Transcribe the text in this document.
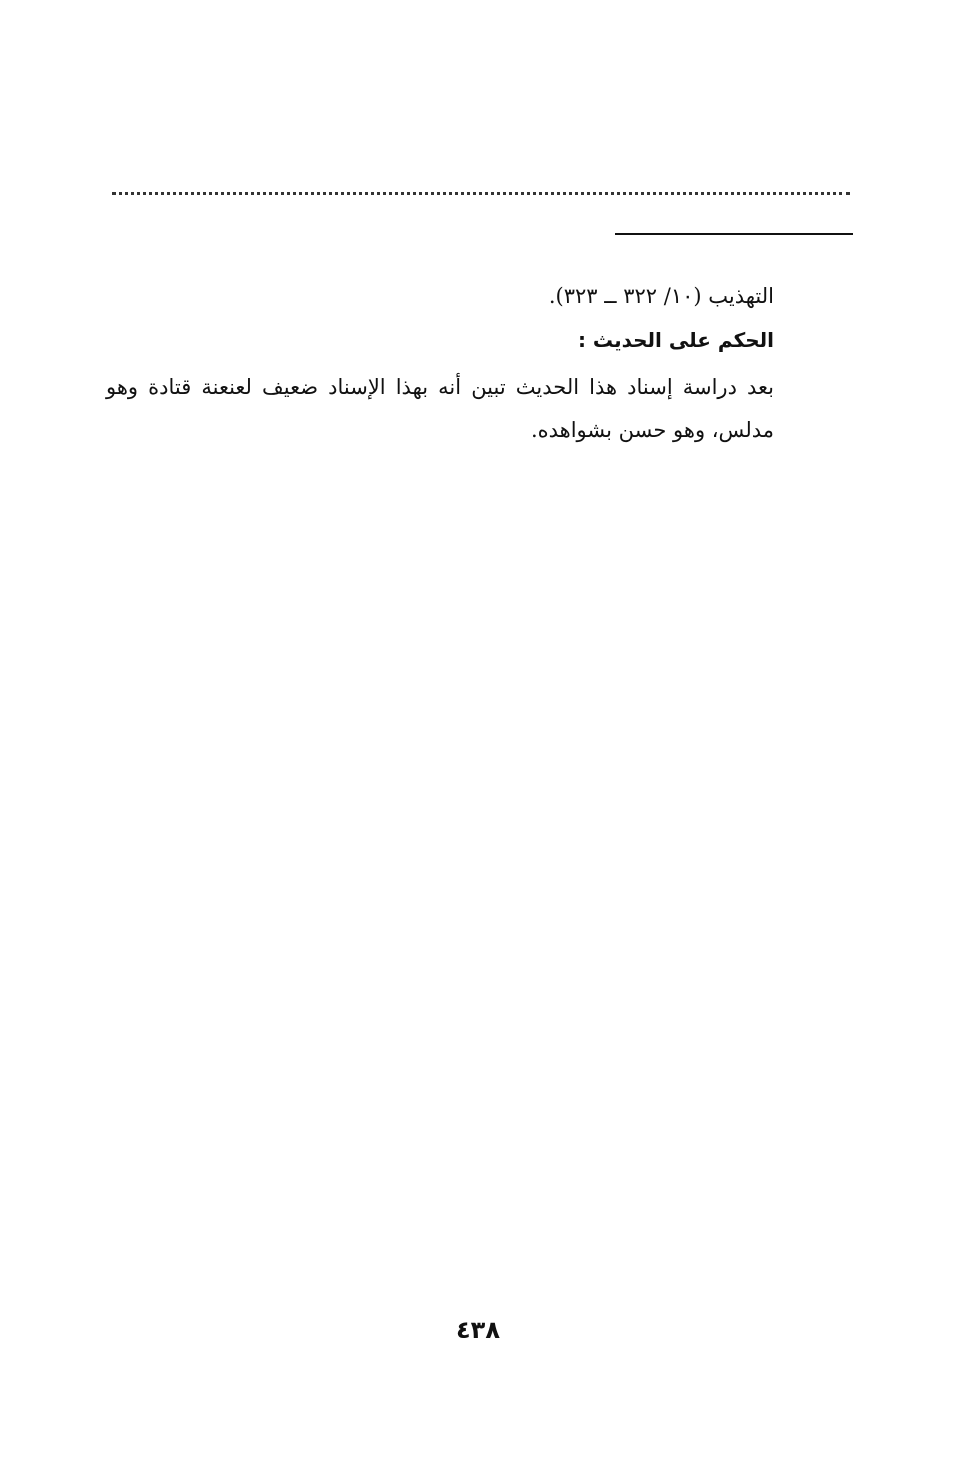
التهذيب (١٠/ ٣٢٢ ــ ٣٢٣).
الحكم على الحديث :
بعد دراسة إسناد هذا الحديث تبين أنه بهذا الإسناد ضعيف لعنعنة قتادة وهو مدلس، وهو حسن بشواهده.
٤٣٨
